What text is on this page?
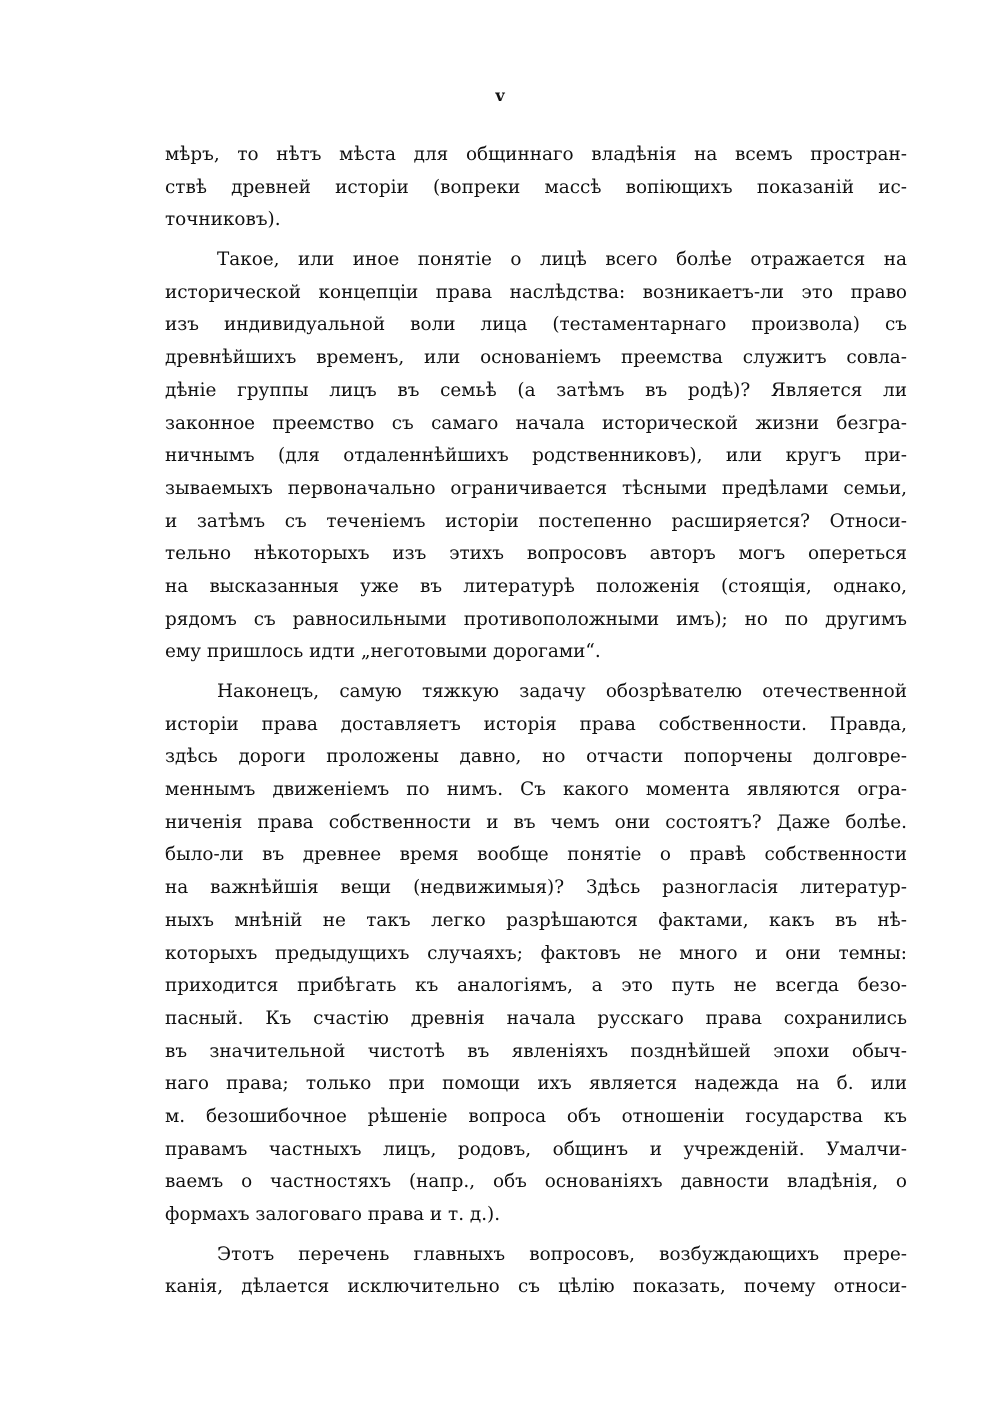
v
мѣръ, то нѣтъ мѣста для общиннаго владѣнія на всемъ простран-
ствѣ древней исторіи (вопреки массѣ вопіющихъ показаній ис-
точниковъ).
Такое, или иное понятіе о лицѣ всего болѣе отражается на
исторической концепціи права наслѣдства: возникаетъ-ли это право
изъ индивидуальной воли лица (тестаментарнаго произвола) съ
древнѣйшихъ временъ, или основаніемъ преемства служитъ совла-
дѣніе группы лицъ въ семьѣ (а затѣмъ въ родѣ)? Является ли
законное преемство съ самаго начала исторической жизни безгра-
ничнымъ (для отдаленнѣйшихъ родственниковъ), или кругъ при-
зываемыхъ первоначально ограничивается тѣсными предѣлами семьи,
и затѣмъ съ теченіемъ исторіи постепенно расширяется? Относи-
тельно нѣкоторыхъ изъ этихъ вопросовъ авторъ могъ опереться
на высказанныя уже въ литературѣ положенія (стоящія, однако,
рядомъ съ равносильными противоположными имъ); но по другимъ
ему пришлось идти „неготовыми дорогами“.
Наконецъ, самую тяжкую задачу обозрѣвателю отечественной
исторіи права доставляетъ исторія права собственности. Правда,
здѣсь дороги проложены давно, но отчасти попорчены долговре-
меннымъ движеніемъ по нимъ. Съ какого момента являются огра-
ниченія права собственности и въ чемъ они состоятъ? Даже болѣе.
было-ли въ древнее время вообще понятіе о правѣ собственности
на важнѣйшія вещи (недвижимыя)? Здѣсь разногласія литератур-
ныхъ мнѣній не такъ легко разрѣшаются фактами, какъ въ нѣ-
которыхъ предыдущихъ случаяхъ; фактовъ не много и они темны:
приходится прибѣгать къ аналогіямъ, а это путь не всегда безо-
пасный. Къ счастію древнія начала русскаго права сохранились
въ значительной чистотѣ въ явленіяхъ позднѣйшей эпохи обыч-
наго права; только при помощи ихъ является надежда на б. или
м. безошибочное рѣшеніе вопроса объ отношеніи государства къ
правамъ частныхъ лицъ, родовъ, общинъ и учрежденій. Умалчи-
ваемъ о частностяхъ (напр., объ основаніяхъ давности владѣнія, о
формахъ залоговаго права и т. д.).
Этотъ перечень главныхъ вопросовъ, возбуждающихъ прере-
канія, дѣлается исключительно съ цѣлію показать, почему относи-
